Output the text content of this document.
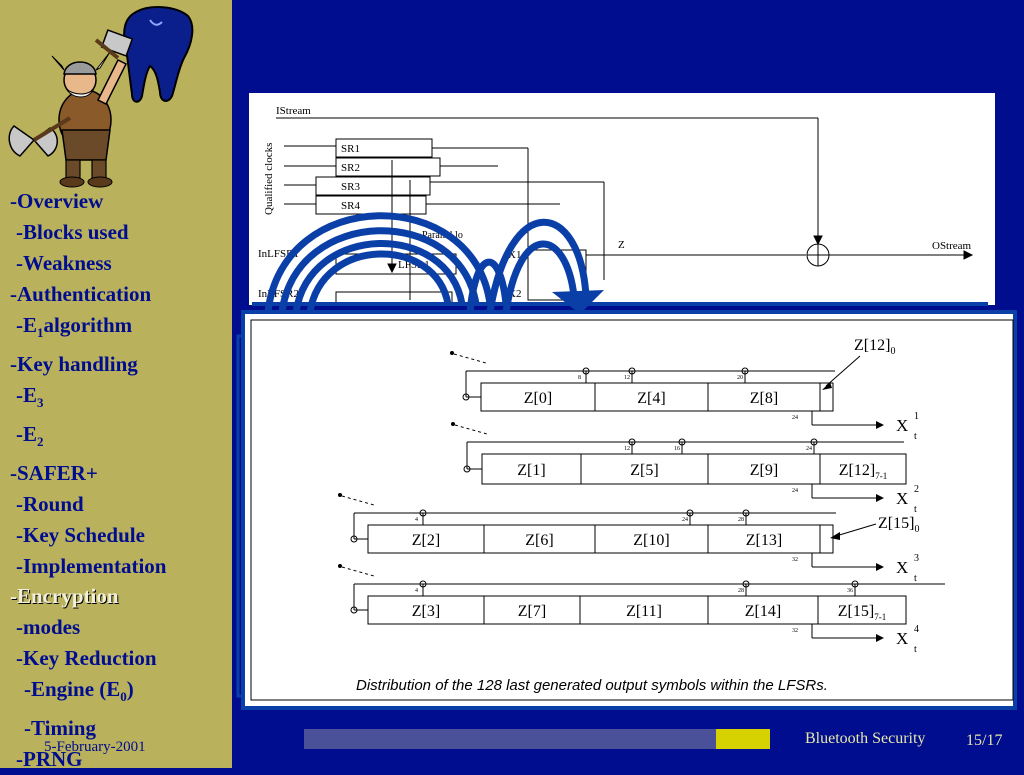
-Overview
-Blocks used
-Weakness
-Authentication
$-E_1algorithm$
-Key handling
$-E_3$
$-E_2$
-SAFER+
-Round
-Key Schedule
-Implementation
-Encryption
-modes
-Key Reduction
-Engine $(E_0)$
-Timing
-PRNG
5-February-2001
IStream
Qualified clocks	SR1
SR2
SR3
SR4
InLFSR1
InLFSR2
LFSR1
Parallel lo
X1
X2
Z	OStream
Z[0]	Z[4]	Z[8]
8	12	20
24	X 1
t
Z[1]	Z[5]	Z[9]	$Z[12]_{7-1}$
12	16	24
24	X 2
t
Z[2]	Z[6]	Z[10]	Z[13]
4	24	28
32	X 3
t
Z[3]	Z[7]	Z[11]	Z[14]	$Z[15]_{7-1}$
4	28	36
32	X 4
t
$Z[12]_0$
$Z[15]_0$
Distribution of the 128 last generated output symbols within the LFSRs.
Bluetooth Security	15/17
